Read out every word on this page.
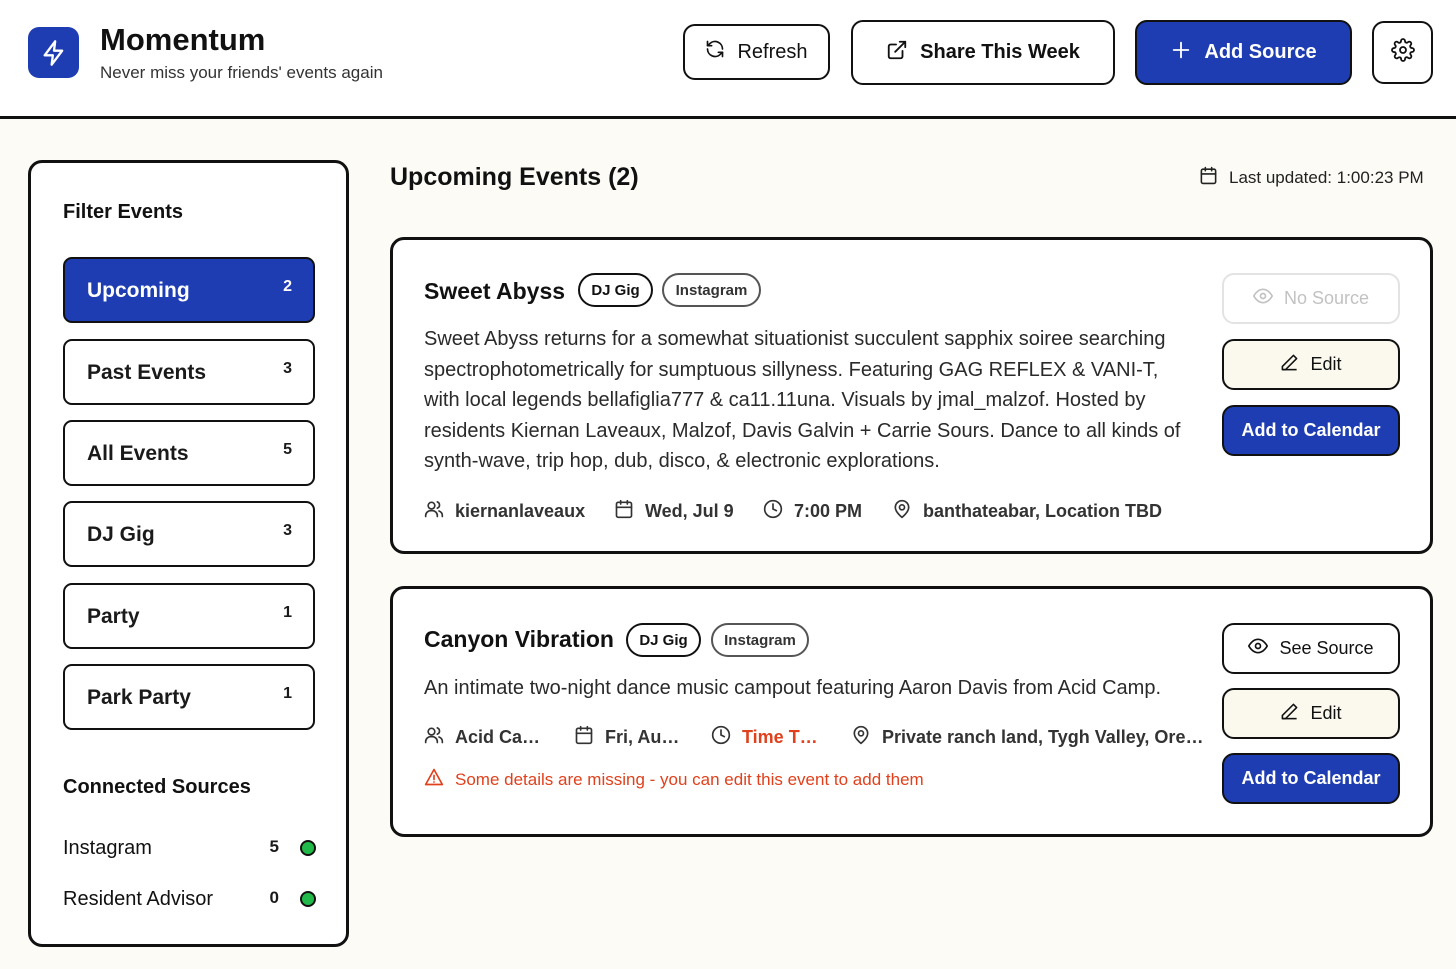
Momentum
Never miss your friends' events again
Refresh	Share This Week	Add Source
Filter Events
Upcoming	2
Past Events	3
All Events	5
DJ Gig	3
Party	1
Park Party	1
Connected Sources
Instagram	5
Resident Advisor	0
Upcoming Events (2)	Last updated: 1:00:23 PM
Sweet Abyss	DJ Gig	Instagram
Sweet Abyss returns for a somewhat situationist succulent sapphix soiree searching
spectrophotometrically for sumptuous sillyness. Featuring GAG REFLEX & VANI-T,
with local legends bellafiglia777 & ca11.11una. Visuals by jmal_malzof. Hosted by
residents Kiernan Laveaux, Malzof, Davis Galvin + Carrie Sours. Dance to all kinds of
synth-wave, trip hop, dub, disco, & electronic explorations.
kiernanlaveaux	Wed, Jul 9	7:00 PM	banthateabar, Location TBD
No Source
Edit
Add to Calendar
Canyon Vibration	DJ Gig	Instagram
An intimate two-night dance music campout featuring Aaron Davis from Acid Camp.
Acid Ca…	Fri, Au…	Time T…	Private ranch land, Tygh Valley, Ore…
Some details are missing - you can edit this event to add them
See Source
Edit
Add to Calendar
